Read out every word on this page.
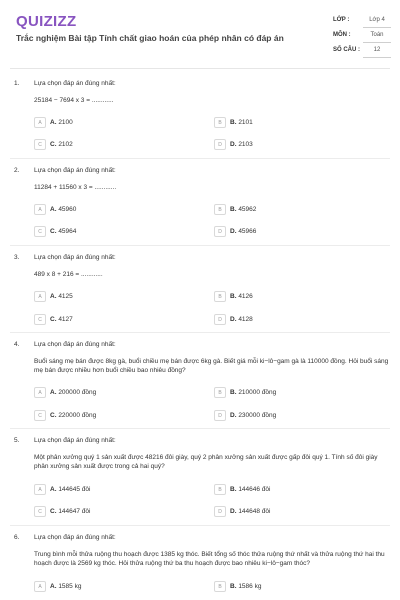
QUIZIZZ
Trắc nghiệm Bài tập Tính chất giao hoán của phép nhân có đáp án
LỚP :	Lớp 4
MÔN :	Toán
SỐ CÂU :	12
1. Lựa chọn đáp án đúng nhất:
25184 − 7694 x 3 = ............
A	A. 2100	B	B. 2101
C	C. 2102	D	D. 2103
2. Lựa chọn đáp án đúng nhất:
11284 + 11560 x 3 = ............
A	A. 45960	B	B. 45962
C	C. 45964	D	D. 45966
3. Lựa chọn đáp án đúng nhất:
489 x 8 + 216 = ............
A	A. 4125	B	B. 4126
C	C. 4127	D	D. 4128
4. Lựa chọn đáp án đúng nhất:
Buổi sáng mẹ bán được 8kg gà, buổi chiều mẹ bán được 6kg gà. Biết giá mỗi ki−lô−gam gà là 110000 đồng. Hỏi buổi sáng mẹ bán được nhiều hơn buổi chiều bao nhiêu đồng?
A	A. 200000 đồng	B	B. 210000 đồng
C	C. 220000 đồng	D	D. 230000 đồng
5. Lựa chọn đáp án đúng nhất:
Một phân xưởng quý 1 sản xuất được 48216 đôi giày, quý 2 phân xưởng sản xuất được gấp đôi quý 1. Tính số đôi giày phân xưởng sản xuất được trong cả hai quý?
A	A. 144645 đôi	B	B. 144646 đôi
C	C. 144647 đôi	D	D. 144648 đôi
6. Lựa chọn đáp án đúng nhất:
Trung bình mỗi thửa ruộng thu hoạch được 1385 kg thóc. Biết tổng số thóc thửa ruộng thứ nhất và thửa ruộng thứ hai thu hoạch được là 2569 kg thóc. Hỏi thửa ruộng thứ ba thu hoạch được bao nhiêu ki−lô−gam thóc?
A	A. 1585 kg	B	B. 1586 kg
